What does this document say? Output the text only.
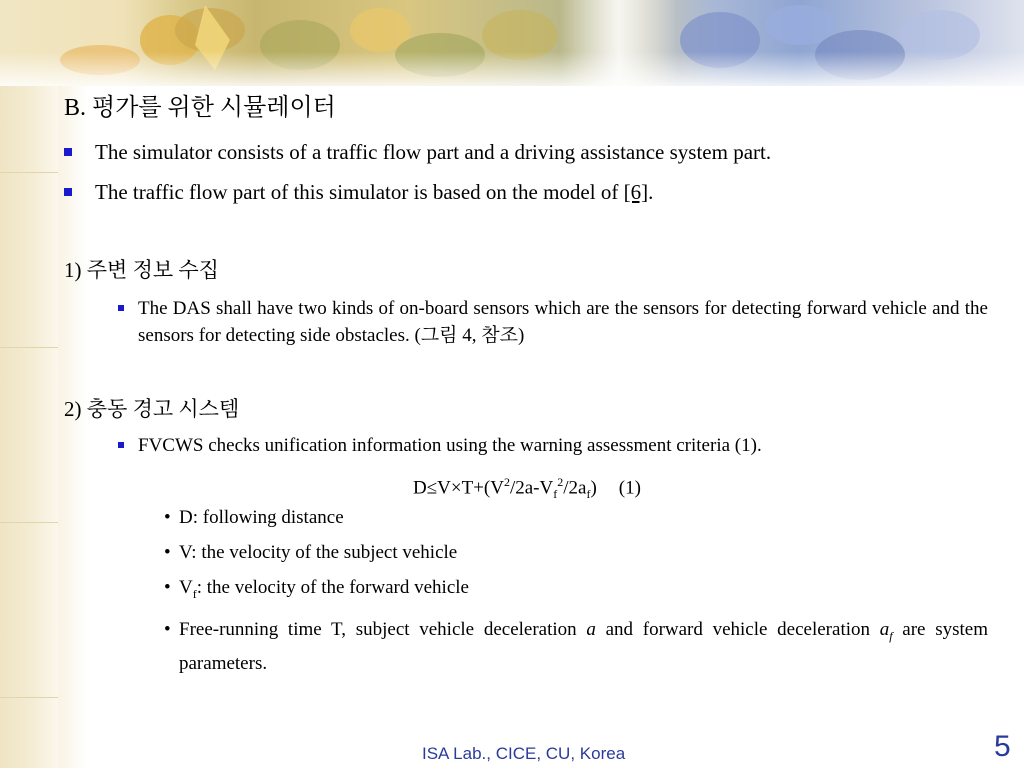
B. 평가를 위한 시뮬레이터
The simulator consists of a traffic flow part and a driving assistance system part.
The traffic flow part of this simulator is based on the model of [6].
1) 주변 정보 수집
The DAS shall have two kinds of on-board sensors which are the sensors for detecting forward vehicle and the sensors for detecting side obstacles. (그림 4, 참조)
2) 충동 경고 시스템
FVCWS checks unification information using the warning assessment criteria (1).
$D\le V\times T+(V^2/2a-V_f^2/2a_f)$ (1)
• D: following distance
• V: the velocity of the subject vehicle
• $V_f$: the velocity of the forward vehicle
• Free-running time T, subject vehicle deceleration a and forward vehicle deceleration $a_f$ are system parameters.
ISA Lab., CICE, CU, Korea	5
